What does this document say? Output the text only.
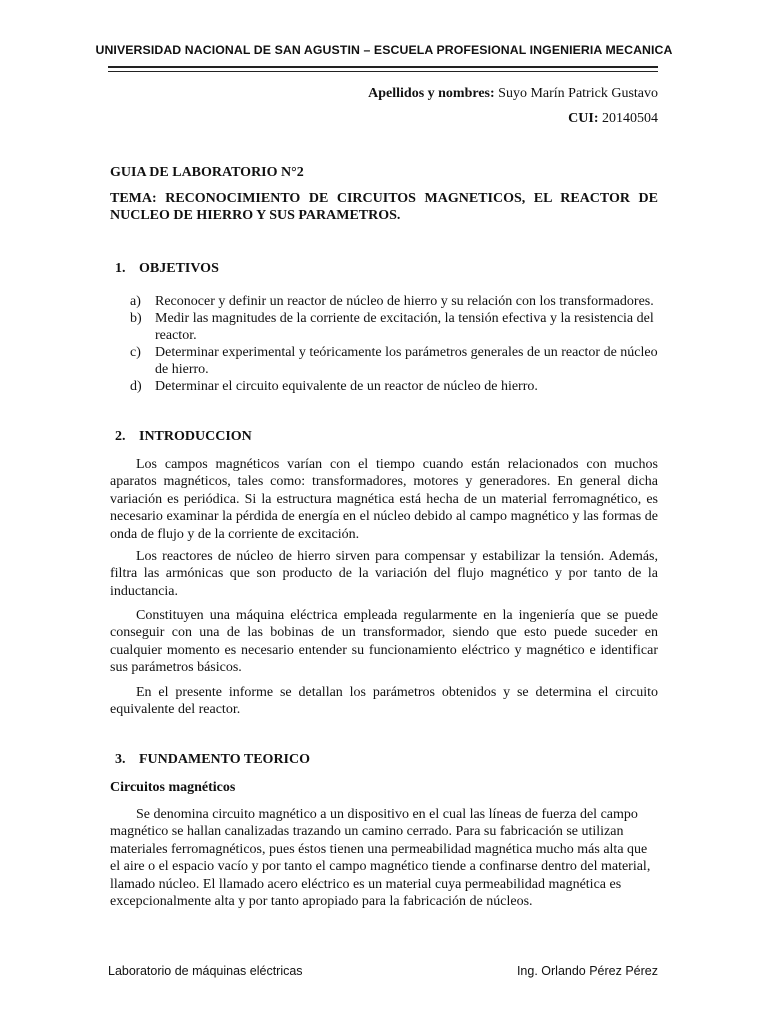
UNIVERSIDAD NACIONAL DE SAN AGUSTIN – ESCUELA PROFESIONAL INGENIERIA MECANICA
Apellidos y nombres: Suyo Marín Patrick Gustavo
CUI: 20140504
GUIA DE LABORATORIO N°2
TEMA: RECONOCIMIENTO DE CIRCUITOS MAGNETICOS, EL REACTOR DE NUCLEO DE HIERRO Y SUS PARAMETROS.
1. OBJETIVOS
a) Reconocer y definir un reactor de núcleo de hierro y su relación con los transformadores.
b) Medir las magnitudes de la corriente de excitación, la tensión efectiva y la resistencia del reactor.
c) Determinar experimental y teóricamente los parámetros generales de un reactor de núcleo de hierro.
d) Determinar el circuito equivalente de un reactor de núcleo de hierro.
2. INTRODUCCION
Los campos magnéticos varían con el tiempo cuando están relacionados con muchos aparatos magnéticos, tales como: transformadores, motores y generadores. En general dicha variación es periódica. Si la estructura magnética está hecha de un material ferromagnético, es necesario examinar la pérdida de energía en el núcleo debido al campo magnético y las formas de onda de flujo y de la corriente de excitación.
Los reactores de núcleo de hierro sirven para compensar y estabilizar la tensión. Además, filtra las armónicas que son producto de la variación del flujo magnético y por tanto de la inductancia.
Constituyen una máquina eléctrica empleada regularmente en la ingeniería que se puede conseguir con una de las bobinas de un transformador, siendo que esto puede suceder en cualquier momento es necesario entender su funcionamiento eléctrico y magnético e identificar sus parámetros básicos.
En el presente informe se detallan los parámetros obtenidos y se determina el circuito equivalente del reactor.
3. FUNDAMENTO TEORICO
Circuitos magnéticos
Se denomina circuito magnético a un dispositivo en el cual las líneas de fuerza del campo magnético se hallan canalizadas trazando un camino cerrado. Para su fabricación se utilizan materiales ferromagnéticos, pues éstos tienen una permeabilidad magnética mucho más alta que el aire o el espacio vacío y por tanto el campo magnético tiende a confinarse dentro del material, llamado núcleo. El llamado acero eléctrico es un material cuya permeabilidad magnética es excepcionalmente alta y por tanto apropiado para la fabricación de núcleos.
Laboratorio de máquinas eléctricas	Ing. Orlando Pérez Pérez
